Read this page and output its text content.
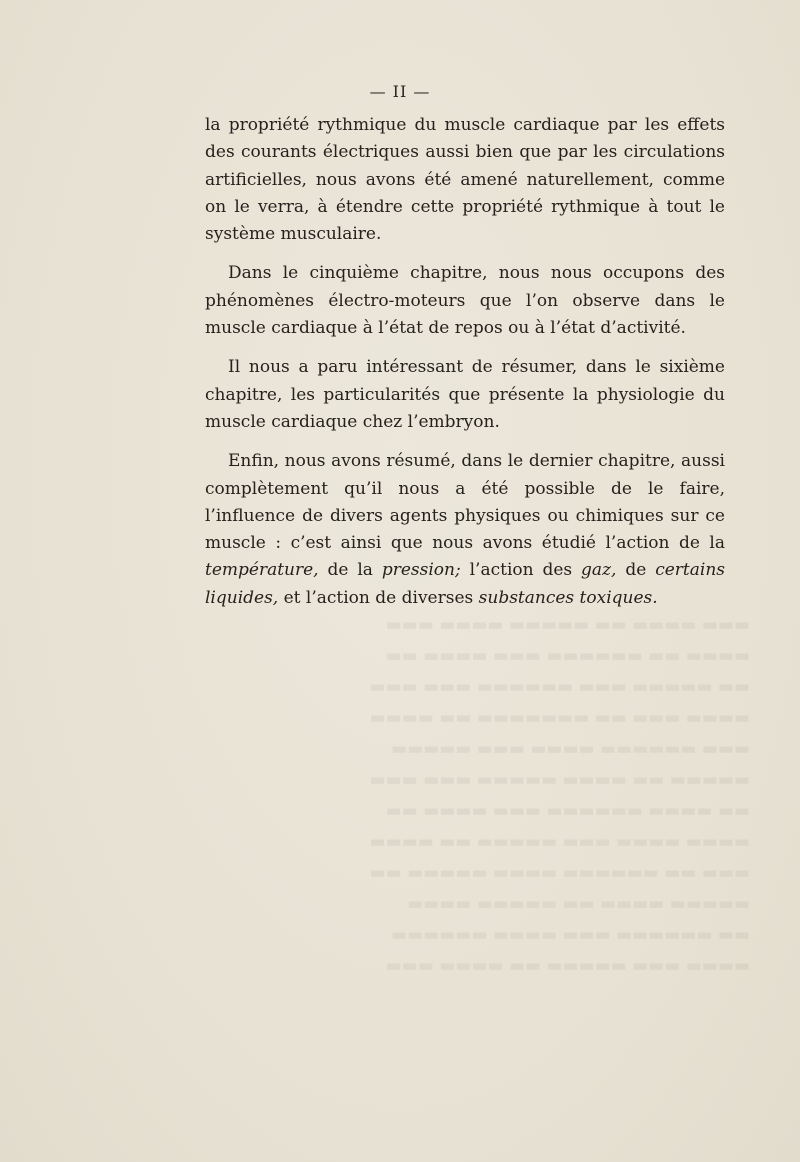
— II —

la propriété rythmique du muscle cardiaque par les effets des courants électriques aussi bien que par les circulations artificielles, nous avons été amené naturellement, comme on le verra, à étendre cette propriété rythmique à tout le système musculaire.

Dans le cinquième chapitre, nous nous occupons des phénomènes électro-moteurs que l’on observe dans le muscle cardiaque à l’état de repos ou à l’état d’activité.

Il nous a paru intéressant de résumer, dans le sixième chapitre, les particularités que présente la physiologie du muscle cardiaque chez l’embryon.

Enfin, nous avons résumé, dans le dernier chapitre, aussi complètement qu’il nous a été possible de le faire, l’influence de divers agents physiques ou chimiques sur ce muscle : c’est ainsi que nous avons étudié l’action de la température, de la pression; l’action des gaz, de certains liquides, et l’action de diverses substances toxiques.

▬▬▬ ▬▬▬▬ ▬▬ ▬▬▬▬▬ ▬▬▬▬ ▬▬▬
▬▬▬▬ ▬▬ ▬▬▬▬▬▬ ▬▬▬ ▬▬▬▬ ▬▬
▬▬ ▬▬▬▬▬ ▬▬▬ ▬▬▬▬▬▬ ▬▬▬ ▬▬▬
▬▬▬▬ ▬▬▬ ▬▬ ▬▬▬▬▬▬▬ ▬▬ ▬▬▬▬
▬▬▬ ▬▬▬▬▬▬ ▬▬▬▬ ▬▬▬ ▬▬▬▬▬
▬▬▬▬▬ ▬▬ ▬▬▬▬ ▬▬▬▬▬ ▬▬▬ ▬▬▬
▬▬ ▬▬▬▬ ▬▬▬▬▬▬ ▬▬▬ ▬▬▬▬ ▬▬
▬▬▬▬ ▬▬▬▬ ▬▬▬ ▬▬▬▬▬ ▬▬ ▬▬▬▬
▬▬▬ ▬▬ ▬▬▬▬▬▬ ▬▬▬▬ ▬▬▬▬▬ ▬▬
▬▬▬▬▬ ▬▬▬▬ ▬▬ ▬▬▬▬▬ ▬▬▬▬
▬▬ ▬▬▬▬▬▬ ▬▬▬ ▬▬▬▬ ▬▬▬▬▬▬
▬▬▬▬ ▬▬▬ ▬▬▬▬▬ ▬▬ ▬▬▬▬ ▬▬▬
